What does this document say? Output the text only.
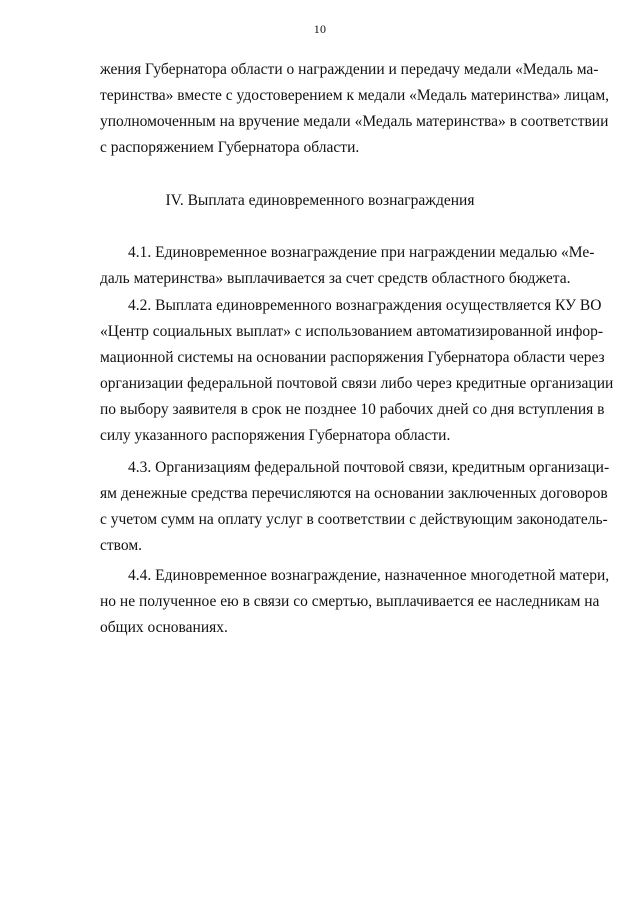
10
жения Губернатора области о награждении и передачу медали «Медаль ма-
теринства» вместе с удостоверением к медали «Медаль материнства» лицам,
уполномоченным на вручение медали «Медаль материнства» в соответствии
с распоряжением Губернатора области.
IV. Выплата единовременного вознаграждения
4.1. Единовременное вознаграждение при награждении медалью «Ме-
даль материнства» выплачивается за счет средств областного бюджета.
4.2. Выплата единовременного вознаграждения осуществляется КУ ВО
«Центр социальных выплат» с использованием автоматизированной инфор-
мационной системы на основании распоряжения Губернатора области через
организации федеральной почтовой связи либо через кредитные организации
по выбору заявителя в срок не позднее 10 рабочих дней со дня вступления в
силу указанного распоряжения Губернатора области.
4.3. Организациям федеральной почтовой связи, кредитным организаци-
ям денежные средства перечисляются на основании заключенных договоров
с учетом сумм на оплату услуг в соответствии с действующим законодатель-
ством.
4.4. Единовременное вознаграждение, назначенное многодетной матери,
но не полученное ею в связи со смертью, выплачивается ее наследникам на
общих основаниях.
